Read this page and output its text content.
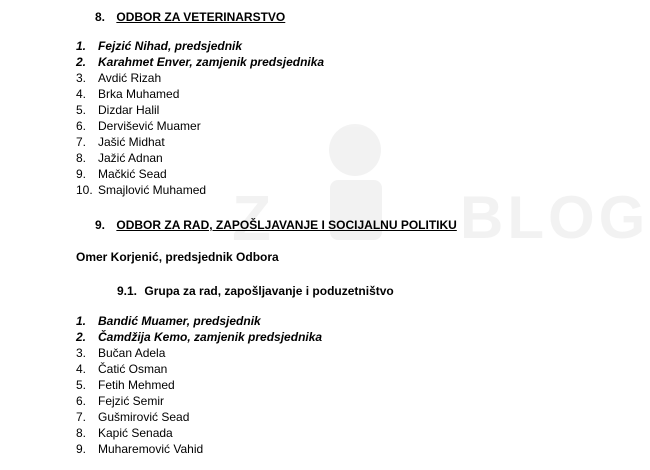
Z	BLOG
8. ODBOR ZA VETERINARSTVO
1. Fejzić Nihad, predsjednik
2. Karahmet Enver, zamjenik predsjednika
3. Avdić Rizah
4. Brka Muhamed
5. Dizdar Halil
6. Dervišević Muamer
7. Jašić Midhat
8. Jažić Adnan
9. Mačkić Sead
10. Smajlović Muhamed
9. ODBOR ZA RAD, ZAPOŠLJAVANJE I SOCIJALNU POLITIKU
Omer Korjenić, predsjednik Odbora
9.1. Grupa za rad, zapošljavanje i poduzetništvo
1. Bandić Muamer, predsjednik
2. Čamdžija Kemo, zamjenik predsjednika
3. Bučan Adela
4. Čatić Osman
5. Fetih Mehmed
6. Fejzić Semir
7. Gušmirović Sead
8. Kapić Senada
9. Muharemović Vahid
